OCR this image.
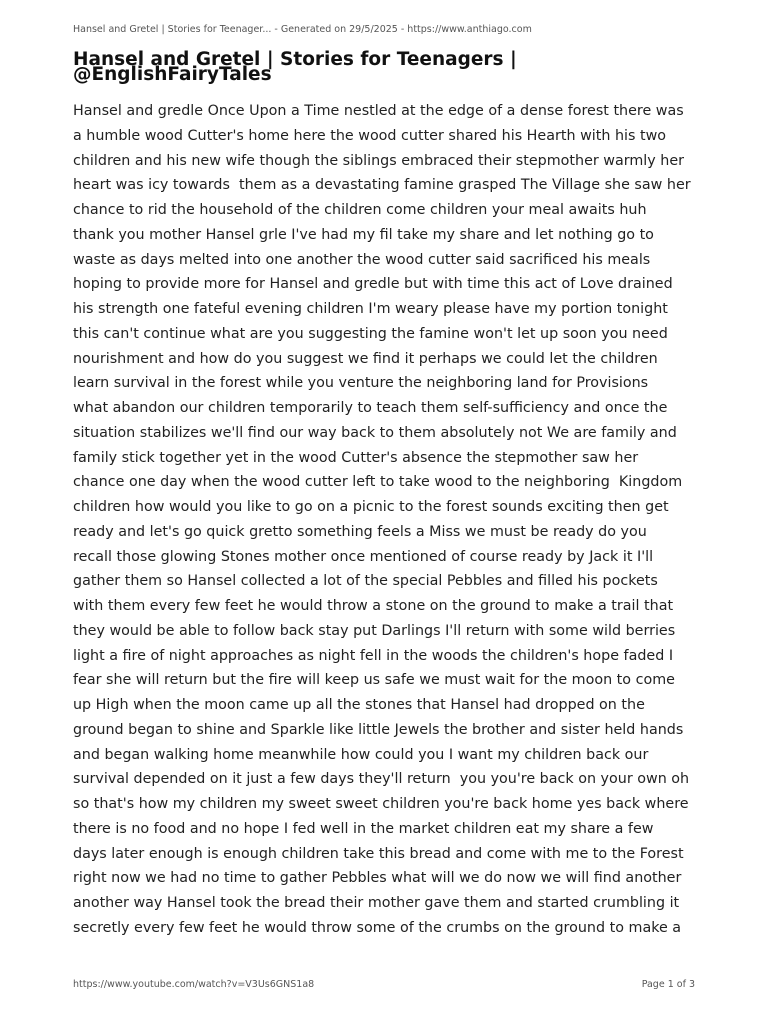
Hansel and Gretel | Stories for Teenager... - Generated on 29/5/2025 - https://www.anthiago.com
Hansel and Gretel | Stories for Teenagers |
@EnglishFairyTales
Hansel and gredle Once Upon a Time nestled at the edge of a dense forest there was
a humble wood Cutter's home here the wood cutter shared his Hearth with his two
children and his new wife though the siblings embraced their stepmother warmly her
heart was icy towards  them as a devastating famine grasped The Village she saw her
chance to rid the household of the children come children your meal awaits huh
thank you mother Hansel grle I've had my fil take my share and let nothing go to
waste as days melted into one another the wood cutter said sacrificed his meals
hoping to provide more for Hansel and gredle but with time this act of Love drained
his strength one fateful evening children I'm weary please have my portion tonight
this can't continue what are you suggesting the famine won't let up soon you need
nourishment and how do you suggest we find it perhaps we could let the children
learn survival in the forest while you venture the neighboring land for Provisions
what abandon our children temporarily to teach them self-sufficiency and once the
situation stabilizes we'll find our way back to them absolutely not We are family and
family stick together yet in the wood Cutter's absence the stepmother saw her
chance one day when the wood cutter left to take wood to the neighboring  Kingdom
children how would you like to go on a picnic to the forest sounds exciting then get
ready and let's go quick gretto something feels a Miss we must be ready do you
recall those glowing Stones mother once mentioned of course ready by Jack it I'll
gather them so Hansel collected a lot of the special Pebbles and filled his pockets
with them every few feet he would throw a stone on the ground to make a trail that
they would be able to follow back stay put Darlings I'll return with some wild berries
light a fire of night approaches as night fell in the woods the children's hope faded I
fear she will return but the fire will keep us safe we must wait for the moon to come
up High when the moon came up all the stones that Hansel had dropped on the
ground began to shine and Sparkle like little Jewels the brother and sister held hands
and began walking home meanwhile how could you I want my children back our
survival depended on it just a few days they'll return  you you're back on your own oh
so that's how my children my sweet sweet children you're back home yes back where
there is no food and no hope I fed well in the market children eat my share a few
days later enough is enough children take this bread and come with me to the Forest
right now we had no time to gather Pebbles what will we do now we will find another
another way Hansel took the bread their mother gave them and started crumbling it
secretly every few feet he would throw some of the crumbs on the ground to make a
https://www.youtube.com/watch?v=V3Us6GNS1a8	Page 1 of 3
